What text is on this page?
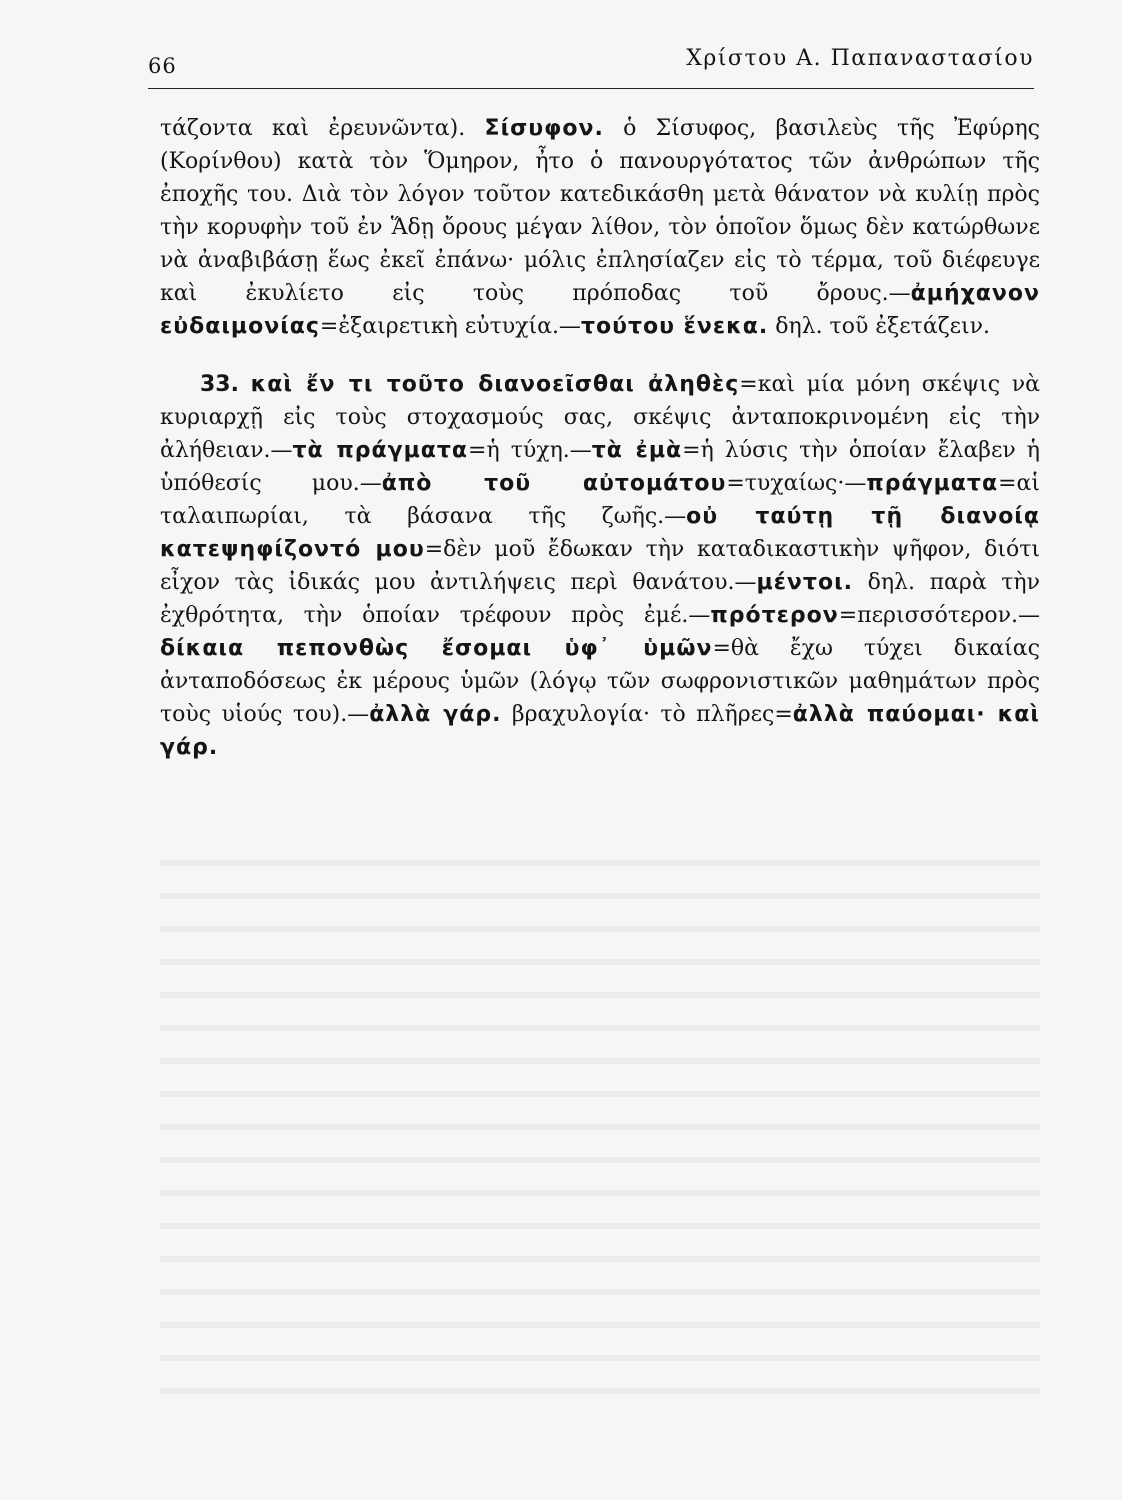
66	Χρίστου Α. Παπαναστασίου

τάζοντα καὶ ἐρευνῶντα). Σίσυφον. ὁ Σίσυφος, βασιλεὺς τῆς Ἐφύρης (Κορίνθου) κατὰ τὸν Ὅμηρον, ἦτο ὁ πανουργότατος τῶν ἀνθρώπων τῆς ἐποχῆς του. Διὰ τὸν λόγον τοῦτον κατεδικάσθη μετὰ θάνατον νὰ κυλίῃ πρὸς τὴν κορυφὴν τοῦ ἐν Ἅδῃ ὄρους μέγαν λίθον, τὸν ὁποῖον ὅμως δὲν κατώρθωνε νὰ ἀναβιβάσῃ ἕως ἐκεῖ ἐπάνω· μόλις ἐπλησίαζεν εἰς τὸ τέρμα, τοῦ διέφευγε καὶ ἐκυλίετο εἰς τοὺς πρόποδας τοῦ ὄρους.—ἀμήχανον εὐδαιμονίας=ἐξαιρετικὴ εὐτυχία.—τούτου ἕνεκα. δηλ. τοῦ ἐξετάζειν.

33. καὶ ἔν τι τοῦτο διανοεῖσθαι ἀληθὲς=καὶ μία μόνη σκέψις νὰ κυριαρχῇ εἰς τοὺς στοχασμούς σας, σκέψις ἀνταποκρινομένη εἰς τὴν ἀλήθειαν.—τὰ πράγματα=ἡ τύχη.—τὰ ἐμὰ=ἡ λύσις τὴν ὁποίαν ἔλαβεν ἡ ὑπόθεσίς μου.—ἀπὸ τοῦ αὐτομάτου=τυχαίως·—πράγματα=αἱ ταλαιπωρίαι, τὰ βάσανα τῆς ζωῆς.—οὐ ταύτῃ τῇ διανοίᾳ κατεψηφίζοντό μου=δὲν μοῦ ἔδωκαν τὴν καταδικαστικὴν ψῆφον, διότι εἶχον τὰς ἰδικάς μου ἀντιλήψεις περὶ θανάτου.—μέντοι. δηλ. παρὰ τὴν ἐχθρότητα, τὴν ὁποίαν τρέφουν πρὸς ἐμέ.—πρότερον=περισσότερον.—δίκαια πεπονθὼς ἔσομαι ὑφ᾽ ὑμῶν=θὰ ἔχω τύχει δικαίας ἀνταποδόσεως ἐκ μέρους ὑμῶν (λόγῳ τῶν σωφρονιστικῶν μαθημάτων πρὸς τοὺς υἱούς του).—ἀλλὰ γάρ. βραχυλογία· τὸ πλῆρες=ἀλλὰ παύομαι· καὶ γάρ.
